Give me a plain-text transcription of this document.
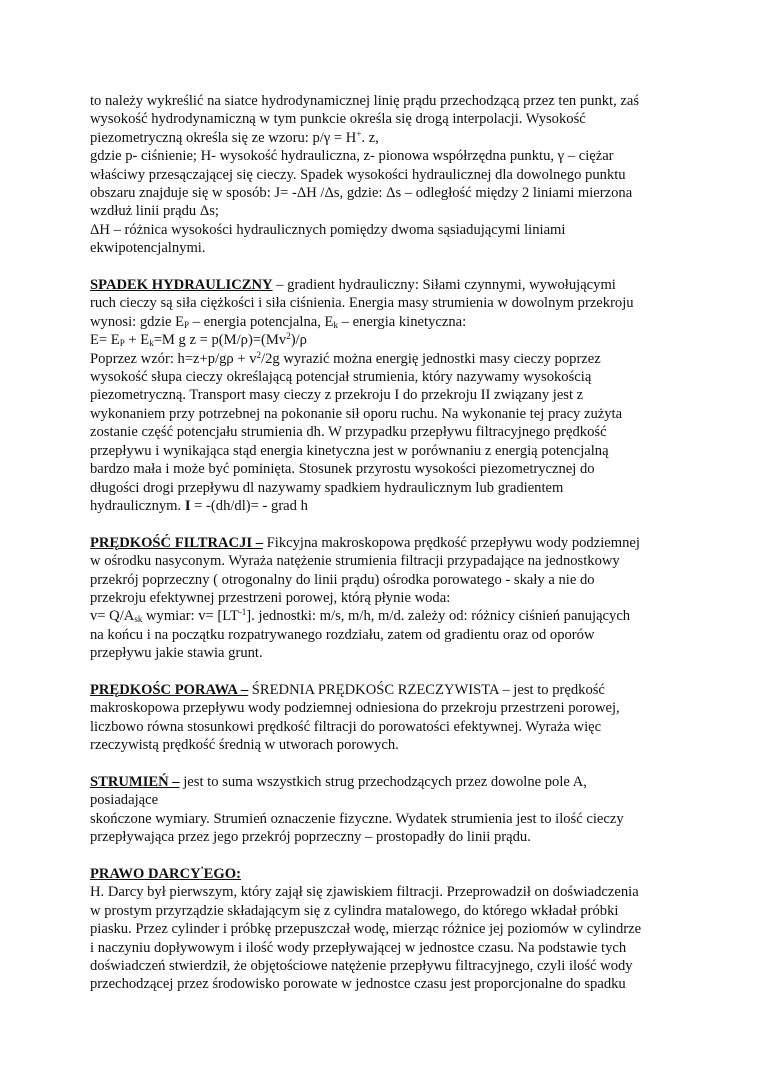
to należy wykreślić na siatce hydrodynamicznej linię prądu przechodzącą przez ten punkt, zaś
wysokość hydrodynamiczną w tym punkcie określa się drogą interpolacji. Wysokość
piezometryczną określa się ze wzoru: p/γ = H+. z,
gdzie p- ciśnienie; H- wysokość hydrauliczna, z- pionowa współrzędna punktu, γ – ciężar
właściwy przesączającej się cieczy. Spadek wysokości hydraulicznej dla dowolnego punktu
obszaru znajduje się w sposób: J= -ΔH /Δs, gdzie: Δs – odległość między 2 liniami mierzona
wzdłuż linii prądu Δs;
ΔH – różnica wysokości hydraulicznych pomiędzy dwoma sąsiadującymi liniami
ekwipotencjalnymi.
SPADEK HYDRAULICZNY – gradient hydrauliczny: Siłami czynnymi, wywołującymi
ruch cieczy są siła ciężkości i siła ciśnienia. Energia masy strumienia w dowolnym przekroju
wynosi: gdzie $E_P$ – energia potencjalna, $E_k$ – energia kinetyczna:
$E= E_P + E_k=M$ g $z = p(M/\rho)=(Mv^2)/\rho$
Poprzez wzór: $h=z+p/g\rho + v^2/2g$ wyrazić można energię jednostki masy cieczy poprzez
wysokość słupa cieczy określającą potencjał strumienia, który nazywamy wysokością
piezometryczną. Transport masy cieczy z przekroju I do przekroju II związany jest z
wykonaniem przy potrzebnej na pokonanie sił oporu ruchu. Na wykonanie tej pracy zużyta
zostanie część potencjału strumienia dh. W przypadku przepływu filtracyjnego prędkość
przepływu i wynikająca stąd energia kinetyczna jest w porównaniu z energią potencjalną
bardzo mała i może być pominięta. Stosunek przyrostu wysokości piezometrycznej do
długości drogi przepływu dl nazywamy spadkiem hydraulicznym lub gradientem
hydraulicznym. I = -(dh/dl)= - grad h
PRĘDKOŚĆ FILTRACJI – Fikcyjna makroskopowa prędkość przepływu wody podziemnej
w ośrodku nasyconym. Wyraża natężenie strumienia filtracji przypadające na jednostkowy
przekrój poprzeczny ( otrogonalny do linii prądu) ośrodka porowatego - skały a nie do
przekroju efektywnej przestrzeni porowej, którą płynie woda:
$v= Q/A_{sk}$ wymiar: $v= [LT^{-1}]$. jednostki: m/s, m/h, m/d. zależy od: różnicy ciśnień panujących
na końcu i na początku rozpatrywanego rozdziału, zatem od gradientu oraz od oporów
przepływu jakie stawia grunt.
PRĘDKOŚC PORAWA – ŚREDNIA PRĘDKOŚC RZECZYWISTA – jest to prędkość
makroskopowa przepływu wody podziemnej odniesiona do przekroju przestrzeni porowej,
liczbowo równa stosunkowi prędkość filtracji do porowatości efektywnej. Wyraża więc
rzeczywistą prędkość średnią w utworach porowych.
STRUMIEŃ – jest to suma wszystkich strug przechodzących przez dowolne pole A,
posiadające
skończone wymiary. Strumień oznaczenie fizyczne. Wydatek strumienia jest to ilość cieczy
przepływająca przez jego przekrój poprzeczny – prostopadły do linii prądu.
PRAWO DARCY’EGO:
H. Darcy był pierwszym, który zajął się zjawiskiem filtracji. Przeprowadził on doświadczenia
w prostym przyrządzie składającym się z cylindra matalowego, do którego wkładał próbki
piasku. Przez cylinder i próbkę przepuszczał wodę, mierząc różnice jej poziomów w cylindrze
i naczyniu dopływowym i ilość wody przepływającej w jednostce czasu. Na podstawie tych
doświadczeń stwierdził, że objętościowe natężenie przepływu filtracyjnego, czyli ilość wody
przechodzącej przez środowisko porowate w jednostce czasu jest proporcjonalne do spadku
